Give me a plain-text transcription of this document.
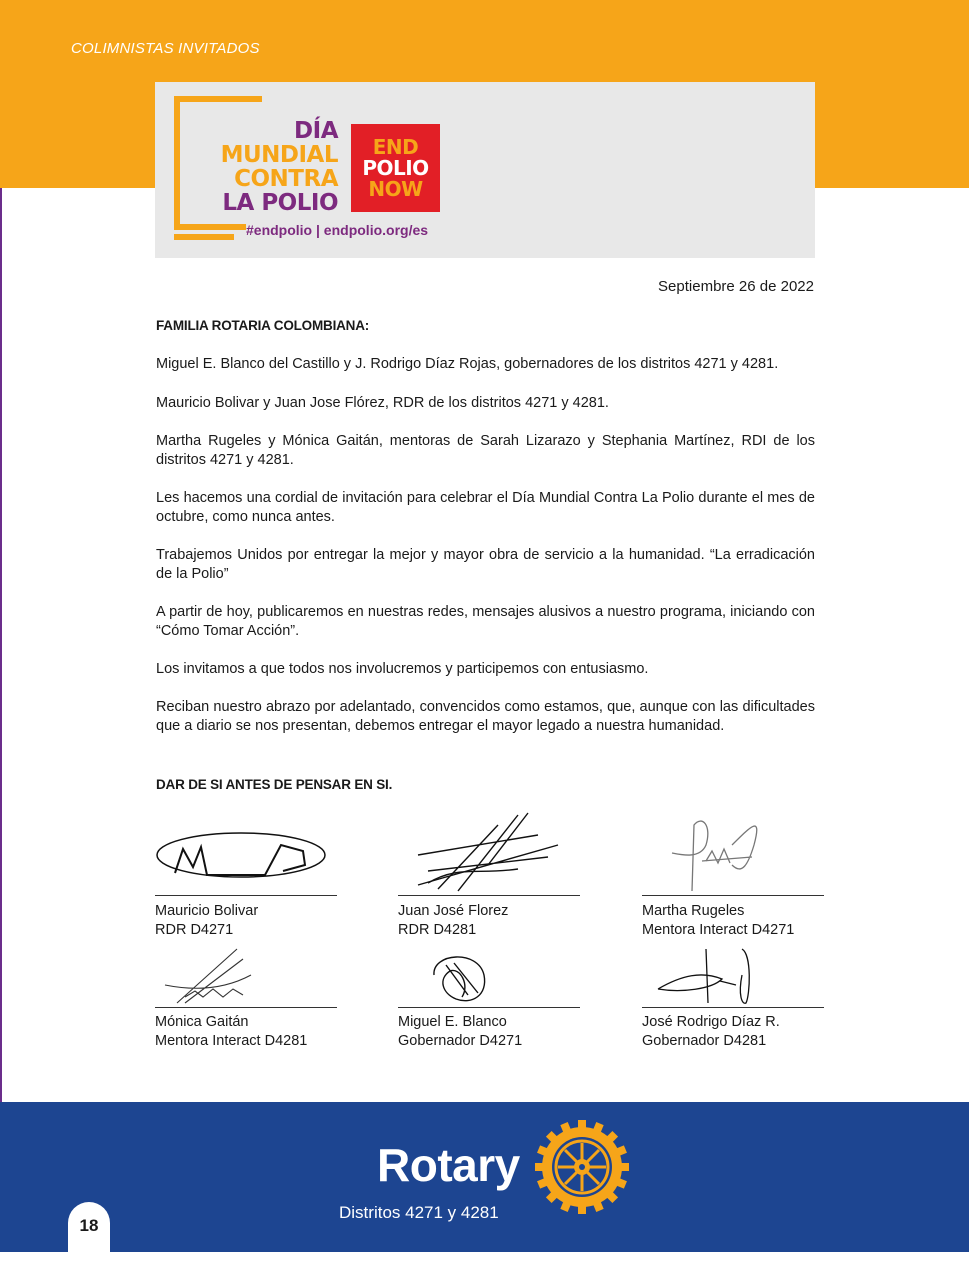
COLIMNISTAS INVITADOS
DÍA
MUNDIAL
CONTRA
LA POLIO
END
POLIO
NOW
#endpolio | endpolio.org/es
Septiembre 26 de 2022
FAMILIA ROTARIA COLOMBIANA:
Miguel E. Blanco del Castillo y J. Rodrigo Díaz Rojas, gobernadores de los distritos 4271 y 4281.
Mauricio Bolivar y Juan Jose Flórez, RDR de los distritos 4271 y 4281.
Martha Rugeles y Mónica Gaitán, mentoras de Sarah Lizarazo y Stephania Martínez, RDI de los distritos 4271 y 4281.
Les hacemos una cordial de invitación para celebrar el Día Mundial Contra La Polio durante el mes de octubre, como nunca antes.
Trabajemos Unidos por entregar la mejor y mayor obra de servicio a la humanidad. “La erradicación de la Polio”
A partir de hoy, publicaremos en nuestras redes, mensajes alusivos a nuestro programa, iniciando con “Cómo Tomar Acción”.
Los invitamos a que todos nos involucremos y participemos con entusiasmo.
Reciban nuestro abrazo por adelantado, convencidos como estamos, que, aunque con las dificultades que a diario se nos presentan, debemos entregar el mayor legado a nuestra humanidad.
DAR DE SI ANTES DE PENSAR EN SI.
Mauricio Bolivar
RDR D4271
Juan José Florez
RDR D4281
Martha Rugeles
Mentora Interact D4271
Mónica Gaitán
Mentora Interact D4281
Miguel E. Blanco
Gobernador D4271
José Rodrigo Díaz R.
Gobernador D4281
Rotary
Distritos 4271 y 4281
18
